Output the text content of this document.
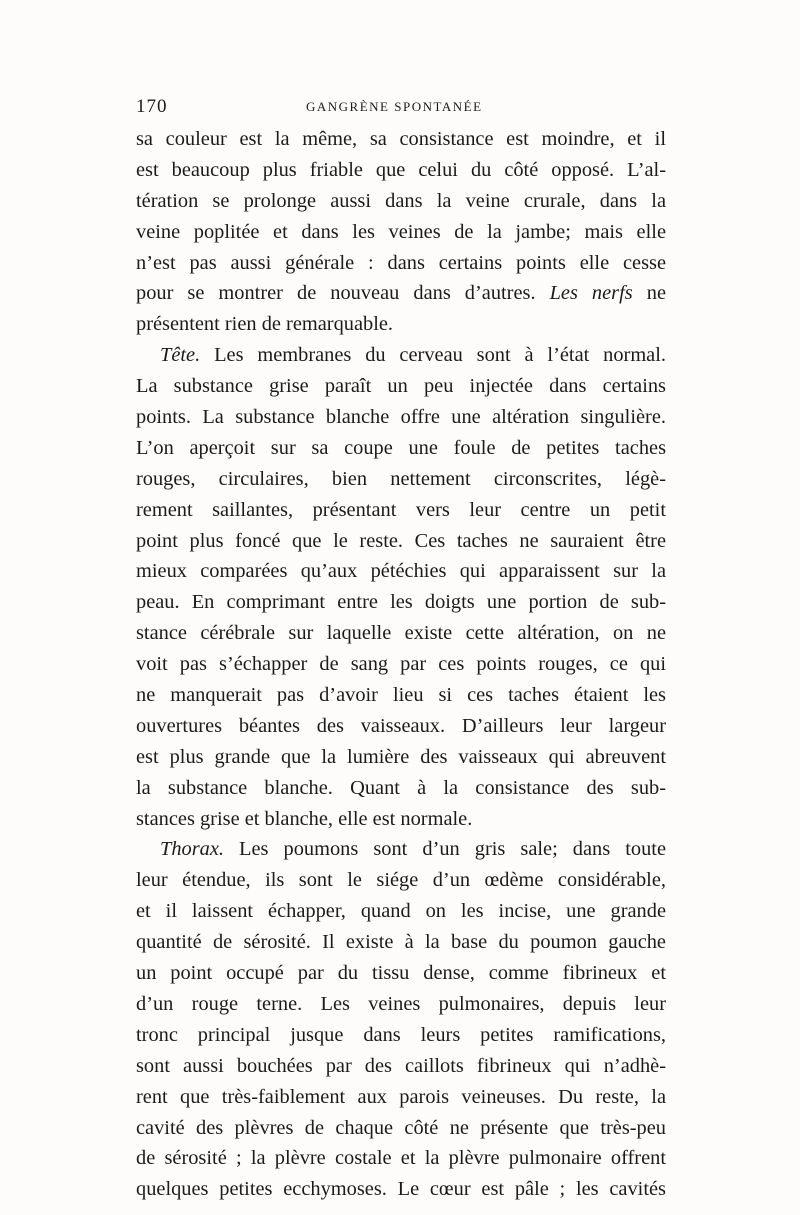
170	GANGRÈNE SPONTANÉE
sa couleur est la même, sa consistance est moindre, et il
est beaucoup plus friable que celui du côté opposé. L’al-
tération se prolonge aussi dans la veine crurale, dans la
veine poplitée et dans les veines de la jambe; mais elle
n’est pas aussi générale : dans certains points elle cesse
pour se montrer de nouveau dans d’autres. Les nerfs ne
présentent rien de remarquable.
Tête. Les membranes du cerveau sont à l’état normal.
La substance grise paraît un peu injectée dans certains
points. La substance blanche offre une altération singulière.
L’on aperçoit sur sa coupe une foule de petites taches
rouges, circulaires, bien nettement circonscrites, légè-
rement saillantes, présentant vers leur centre un petit
point plus foncé que le reste. Ces taches ne sauraient être
mieux comparées qu’aux pétéchies qui apparaissent sur la
peau. En comprimant entre les doigts une portion de sub-
stance cérébrale sur laquelle existe cette altération, on ne
voit pas s’échapper de sang par ces points rouges, ce qui
ne manquerait pas d’avoir lieu si ces taches étaient les
ouvertures béantes des vaisseaux. D’ailleurs leur largeur
est plus grande que la lumière des vaisseaux qui abreuvent
la substance blanche. Quant à la consistance des sub-
stances grise et blanche, elle est normale.
Thorax. Les poumons sont d’un gris sale; dans toute
leur étendue, ils sont le siége d’un œdème considérable,
et il laissent échapper, quand on les incise, une grande
quantité de sérosité. Il existe à la base du poumon gauche
un point occupé par du tissu dense, comme fibrineux et
d’un rouge terne. Les veines pulmonaires, depuis leur
tronc principal jusque dans leurs petites ramifications,
sont aussi bouchées par des caillots fibrineux qui n’adhè-
rent que très-faiblement aux parois veineuses. Du reste, la
cavité des plèvres de chaque côté ne présente que très-peu
de sérosité ; la plèvre costale et la plèvre pulmonaire offrent
quelques petites ecchymoses. Le cœur est pâle ; les cavités
